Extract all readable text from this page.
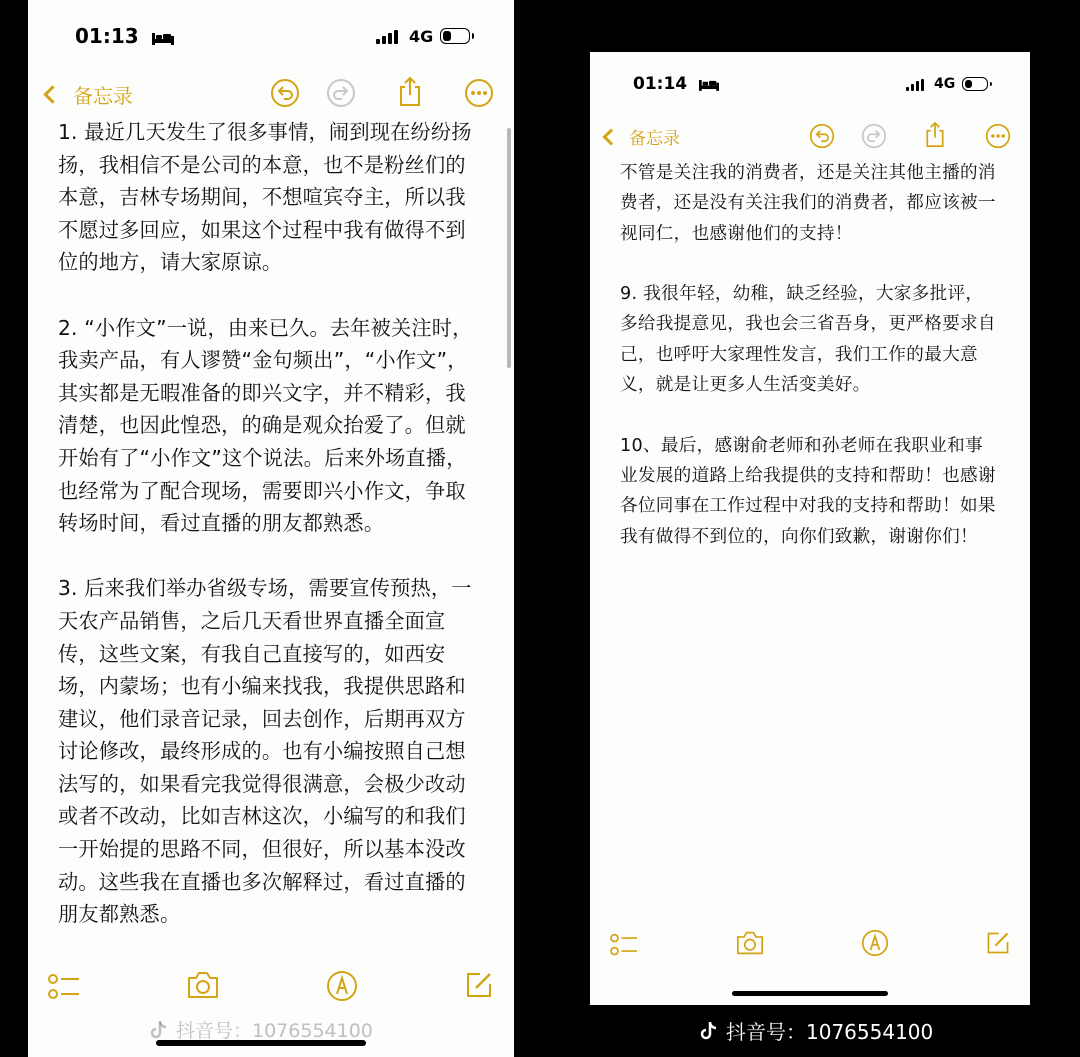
01:13	4G
备忘录
1. 最近几天发生了很多事情，闹到现在纷纷扬扬，我相信不是公司的本意，也不是粉丝们的本意，吉林专场期间，不想喧宾夺主，所以我不愿过多回应，如果这个过程中我有做得不到位的地方，请大家原谅。

2. “小作文”一说，由来已久。去年被关注时，我卖产品，有人谬赞“金句频出”，“小作文”，其实都是无暇准备的即兴文字，并不精彩，我清楚，也因此惶恐，的确是观众抬爱了。但就开始有了“小作文”这个说法。后来外场直播，也经常为了配合现场，需要即兴小作文，争取转场时间，看过直播的朋友都熟悉。

3. 后来我们举办省级专场，需要宣传预热，一天农产品销售，之后几天看世界直播全面宣传，这些文案，有我自己直接写的，如西安场，内蒙场；也有小编来找我，我提供思路和建议，他们录音记录，回去创作，后期再双方讨论修改，最终形成的。也有小编按照自己想法写的，如果看完我觉得很满意，会极少改动或者不改动，比如吉林这次，小编写的和我们一开始提的思路不同，但很好，所以基本没改动。这些我在直播也多次解释过，看过直播的朋友都熟悉。
01:14	4G
备忘录
不管是关注我的消费者，还是关注其他主播的消费者，还是没有关注我们的消费者，都应该被一视同仁，也感谢他们的支持！

9. 我很年轻，幼稚，缺乏经验，大家多批评，多给我提意见，我也会三省吾身，更严格要求自己，也呼吁大家理性发言，我们工作的最大意义，就是让更多人生活变美好。

10、最后，感谢俞老师和孙老师在我职业和事业发展的道路上给我提供的支持和帮助！也感谢各位同事在工作过程中对我的支持和帮助！如果我有做得不到位的，向你们致歉，谢谢你们！
抖音号：1076554100	抖音号：1076554100
